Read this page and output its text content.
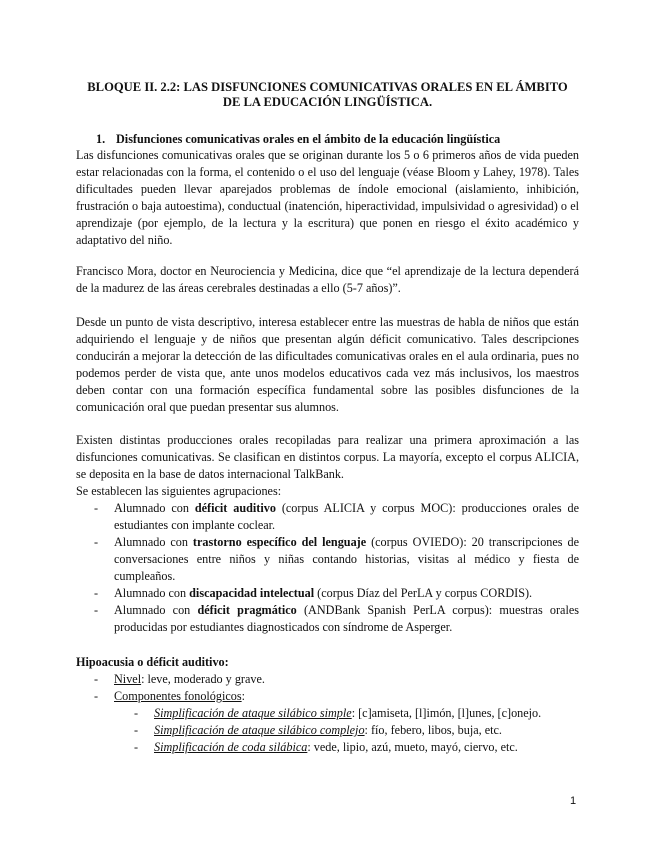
BLOQUE II. 2.2: LAS DISFUNCIONES COMUNICATIVAS ORALES EN EL ÁMBITO
DE LA EDUCACIÓN LINGÜÍSTICA.
1. Disfunciones comunicativas orales en el ámbito de la educación lingüística
Las disfunciones comunicativas orales que se originan durante los 5 o 6 primeros años de vida pueden estar relacionadas con la forma, el contenido o el uso del lenguaje (véase Bloom y Lahey, 1978). Tales dificultades pueden llevar aparejados problemas de índole emocional (aislamiento, inhibición, frustración o baja autoestima), conductual (inatención, hiperactividad, impulsividad o agresividad) o el aprendizaje (por ejemplo, de la lectura y la escritura) que ponen en riesgo el éxito académico y adaptativo del niño.
Francisco Mora, doctor en Neurociencia y Medicina, dice que “el aprendizaje de la lectura dependerá de la madurez de las áreas cerebrales destinadas a ello (5-7 años)”.
Desde un punto de vista descriptivo, interesa establecer entre las muestras de habla de niños que están adquiriendo el lenguaje y de niños que presentan algún déficit comunicativo. Tales descripciones conducirán a mejorar la detección de las dificultades comunicativas orales en el aula ordinaria, pues no podemos perder de vista que, ante unos modelos educativos cada vez más inclusivos, los maestros deben contar con una formación específica fundamental sobre las posibles disfunciones de la comunicación oral que puedan presentar sus alumnos.
Existen distintas producciones orales recopiladas para realizar una primera aproximación a las disfunciones comunicativas. Se clasifican en distintos corpus. La mayoría, excepto el corpus ALICIA, se deposita en la base de datos internacional TalkBank.
Se establecen las siguientes agrupaciones:
- Alumnado con déficit auditivo (corpus ALICIA y corpus MOC): producciones orales de estudiantes con implante coclear.
- Alumnado con trastorno específico del lenguaje (corpus OVIEDO): 20 transcripciones de conversaciones entre niños y niñas contando historias, visitas al médico y fiesta de cumpleaños.
- Alumnado con discapacidad intelectual (corpus Díaz del PerLA y corpus CORDIS).
- Alumnado con déficit pragmático (ANDBank Spanish PerLA corpus): muestras orales producidas por estudiantes diagnosticados con síndrome de Asperger.
Hipoacusia o déficit auditivo:
- Nivel: leve, moderado y grave.
- Componentes fonológicos:
- Simplificación de ataque silábico simple: [c]amiseta, [l]imón, [l]unes, [c]onejo.
- Simplificación de ataque silábico complejo: fío, febero, libos, buja, etc.
- Simplificación de coda silábica: vede, lipio, azú, mueto, mayó, ciervo, etc.
1
